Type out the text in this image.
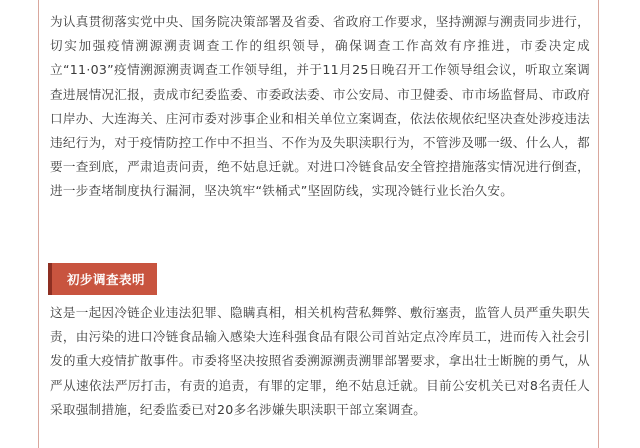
为认真贯彻落实党中央、国务院决策部署及省委、省政府工作要求，坚持溯源与溯责同步进行，切实加强疫情溯源溯责调查工作的组织领导，确保调查工作高效有序推进，市委决定成立“11·03”疫情溯源溯责调查工作领导组，并于11月25日晚召开工作领导组会议，听取立案调查进展情况汇报，责成市纪委监委、市委政法委、市公安局、市卫健委、市市场监督局、市政府口岸办、大连海关、庄河市委对涉事企业和相关单位立案调查，依法依规依纪坚决查处涉疫违法违纪行为，对于疫情防控工作中不担当、不作为及失职渎职行为，不管涉及哪一级、什么人，都要一查到底，严肃追责问责，绝不姑息迁就。对进口冷链食品安全管控措施落实情况进行倒查，进一步查堵制度执行漏洞，坚决筑牢“铁桶式”坚固防线，实现冷链行业长治久安。

初步调查表明

这是一起因冷链企业违法犯罪、隐瞒真相，相关机构营私舞弊、敷衍塞责，监管人员严重失职失责，由污染的进口冷链食品输入感染大连科强食品有限公司首站定点冷库员工，进而传入社会引发的重大疫情扩散事件。市委将坚决按照省委溯源溯责溯罪部署要求，拿出壮士断腕的勇气，从严从速依法严厉打击，有责的追责，有罪的定罪，绝不姑息迁就。目前公安机关已对8名责任人采取强制措施，纪委监委已对20多名涉嫌失职渎职干部立案调查。
